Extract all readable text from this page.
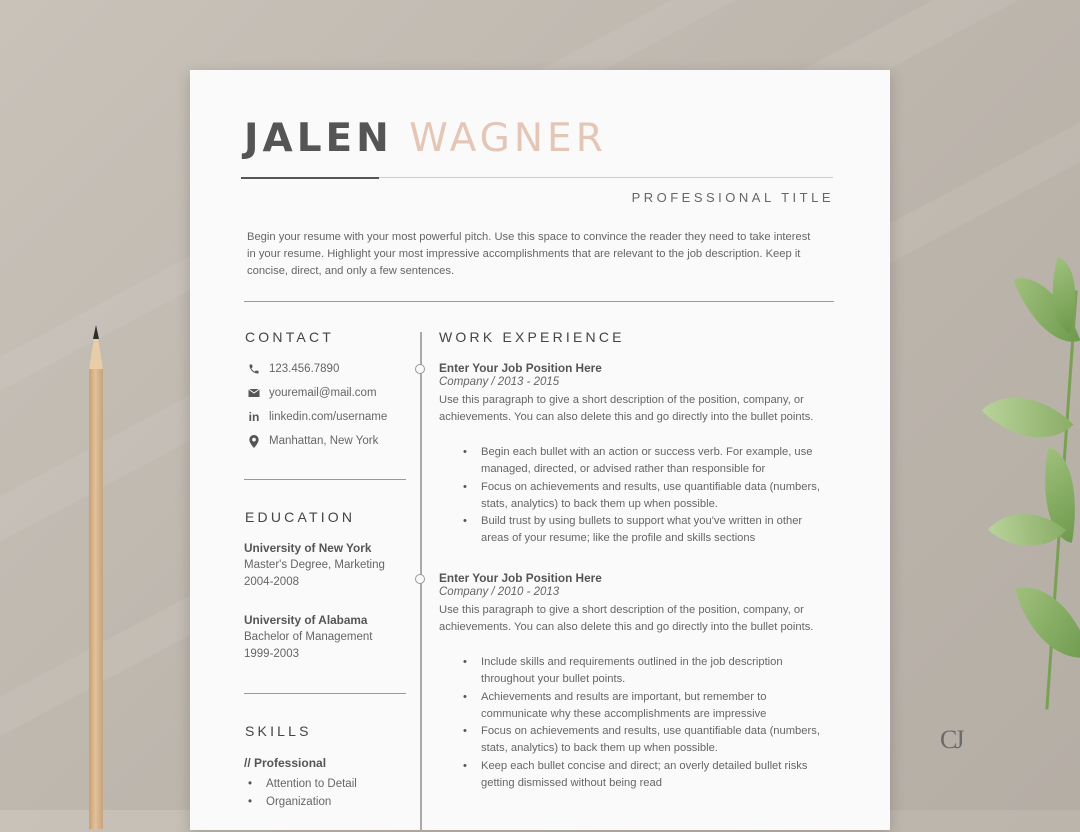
CJ
JALEN WAGNER
PROFESSIONAL TITLE
Begin your resume with your most powerful pitch. Use this space to convince the reader they need to take interest in your resume. Highlight your most impressive accomplishments that are relevant to the job description. Keep it concise, direct, and only a few sentences.
CONTACT
123.456.7890
youremail@mail.com
in linkedin.com/username
Manhattan, New York
EDUCATION
University of New York
Master's Degree, Marketing
2004-2008
University of Alabama
Bachelor of Management
1999-2003
SKILLS
// Professional
• Attention to Detail
• Organization
WORK EXPERIENCE
Enter Your Job Position Here
Company / 2013 - 2015
Use this paragraph to give a short description of the position, company, or achievements. You can also delete this and go directly into the bullet points.
• Begin each bullet with an action or success verb. For example, use managed, directed, or advised rather than responsible for
• Focus on achievements and results, use quantifiable data (numbers, stats, analytics) to back them up when possible.
• Build trust by using bullets to support what you've written in other areas of your resume; like the profile and skills sections
Enter Your Job Position Here
Company / 2010 - 2013
Use this paragraph to give a short description of the position, company, or achievements. You can also delete this and go directly into the bullet points.
• Include skills and requirements outlined in the job description throughout your bullet points.
• Achievements and results are important, but remember to communicate why these accomplishments are impressive
• Focus on achievements and results, use quantifiable data (numbers, stats, analytics) to back them up when possible.
• Keep each bullet concise and direct; an overly detailed bullet risks getting dismissed without being read
